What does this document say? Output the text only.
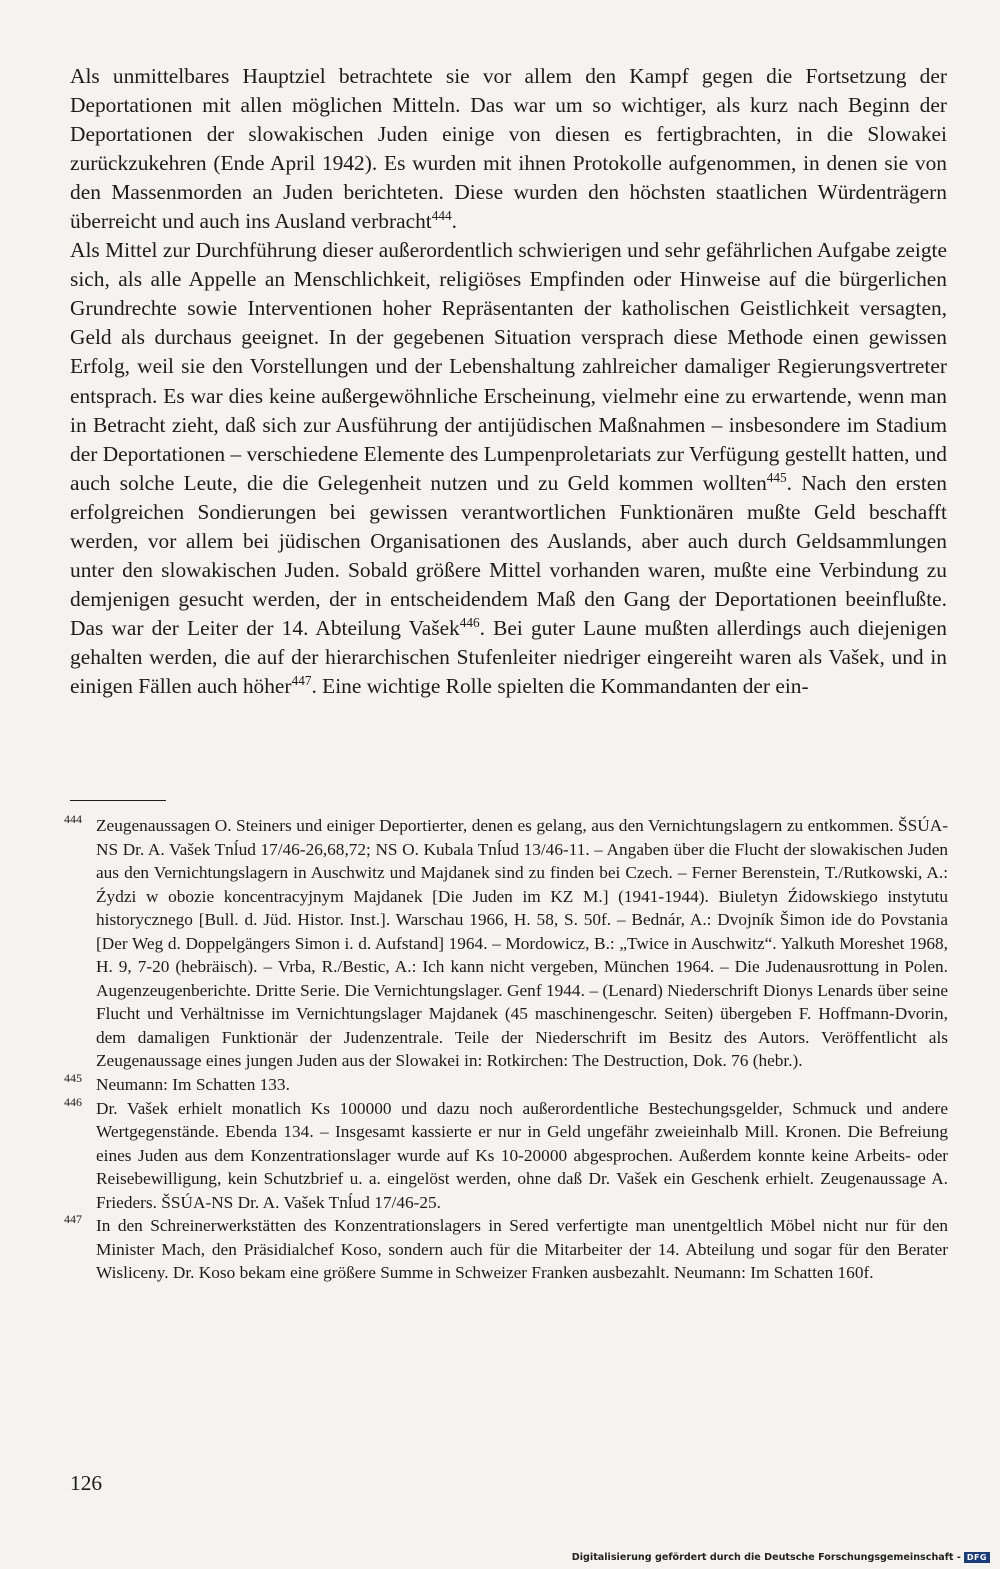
Als unmittelbares Hauptziel betrachtete sie vor allem den Kampf gegen die Fortsetzung der Deportationen mit allen möglichen Mitteln. Das war um so wichtiger, als kurz nach Beginn der Deportationen der slowakischen Juden einige von diesen es fertigbrachten, in die Slowakei zurückzukehren (Ende April 1942). Es wurden mit ihnen Protokolle aufgenommen, in denen sie von den Massenmorden an Juden berichteten. Diese wurden den höchsten staatlichen Würdenträgern überreicht und auch ins Ausland verbracht$^{444}$.

Als Mittel zur Durchführung dieser außerordentlich schwierigen und sehr gefährlichen Aufgabe zeigte sich, als alle Appelle an Menschlichkeit, religiöses Empfinden oder Hinweise auf die bürgerlichen Grundrechte sowie Interventionen hoher Repräsentanten der katholischen Geistlichkeit versagten, Geld als durchaus geeignet. In der gegebenen Situation versprach diese Methode einen gewissen Erfolg, weil sie den Vorstellungen und der Lebenshaltung zahlreicher damaliger Regierungsvertreter entsprach. Es war dies keine außergewöhnliche Erscheinung, vielmehr eine zu erwartende, wenn man in Betracht zieht, daß sich zur Ausführung der antijüdischen Maßnahmen – insbesondere im Stadium der Deportationen – verschiedene Elemente des Lumpenproletariats zur Verfügung gestellt hatten, und auch solche Leute, die die Gelegenheit nutzen und zu Geld kommen wollten$^{445}$. Nach den ersten erfolgreichen Sondierungen bei gewissen verantwortlichen Funktionären mußte Geld beschafft werden, vor allem bei jüdischen Organisationen des Auslands, aber auch durch Geldsammlungen unter den slowakischen Juden. Sobald größere Mittel vorhanden waren, mußte eine Verbindung zu demjenigen gesucht werden, der in entscheidendem Maß den Gang der Deportationen beeinflußte. Das war der Leiter der 14. Abteilung Vašek$^{446}$. Bei guter Laune mußten allerdings auch diejenigen gehalten werden, die auf der hierarchischen Stufenleiter niedriger eingereiht waren als Vašek, und in einigen Fällen auch höher$^{447}$. Eine wichtige Rolle spielten die Kommandanten der ein-

444 Zeugenaussagen O. Steiners und einiger Deportierter, denen es gelang, aus den Vernichtungslagern zu entkommen. ŠSÚA-NS Dr. A. Vašek Tnĺud 17/46-26,68,72; NS O. Kubala Tnĺud 13/46-11. – Angaben über die Flucht der slowakischen Juden aus den Vernichtungslagern in Auschwitz und Majdanek sind zu finden bei Czech. – Ferner Berenstein, T./Rutkowski, A.: Źydzi w obozie koncentracyjnym Majdanek [Die Juden im KZ M.] (1941-1944). Biuletyn Źidowskiego instytutu historycznego [Bull. d. Jüd. Histor. Inst.]. Warschau 1966, H. 58, S. 50f. – Bednár, A.: Dvojník Šimon ide do Povstania [Der Weg d. Doppelgängers Simon i. d. Aufstand] 1964. – Mordowicz, B.: „Twice in Auschwitz“. Yalkuth Moreshet 1968, H. 9, 7-20 (hebräisch). – Vrba, R./Bestic, A.: Ich kann nicht vergeben, München 1964. – Die Judenausrottung in Polen. Augenzeugenberichte. Dritte Serie. Die Vernichtungslager. Genf 1944. – (Lenard) Niederschrift Dionys Lenards über seine Flucht und Verhältnisse im Vernichtungslager Majdanek (45 maschinengeschr. Seiten) übergeben F. Hoffmann-Dvorin, dem damaligen Funktionär der Judenzentrale. Teile der Niederschrift im Besitz des Autors. Veröffentlicht als Zeugenaussage eines jungen Juden aus der Slowakei in: Rotkirchen: The Destruction, Dok. 76 (hebr.).
445 Neumann: Im Schatten 133.
446 Dr. Vašek erhielt monatlich Ks 100000 und dazu noch außerordentliche Bestechungsgelder, Schmuck und andere Wertgegenstände. Ebenda 134. – Insgesamt kassierte er nur in Geld ungefähr zweieinhalb Mill. Kronen. Die Befreiung eines Juden aus dem Konzentrationslager wurde auf Ks 10-20000 abgesprochen. Außerdem konnte keine Arbeits- oder Reisebewilligung, kein Schutzbrief u. a. eingelöst werden, ohne daß Dr. Vašek ein Geschenk erhielt. Zeugenaussage A. Frieders. ŠSÚA-NS Dr. A. Vašek Tnĺud 17/46-25.
447 In den Schreinerwerkstätten des Konzentrationslagers in Sered verfertigte man unentgeltlich Möbel nicht nur für den Minister Mach, den Präsidialchef Koso, sondern auch für die Mitarbeiter der 14. Abteilung und sogar für den Berater Wisliceny. Dr. Koso bekam eine größere Summe in Schweizer Franken ausbezahlt. Neumann: Im Schatten 160f.
126
Digitalisierung gefördert durch die Deutsche Forschungsgemeinschaft - DFG
